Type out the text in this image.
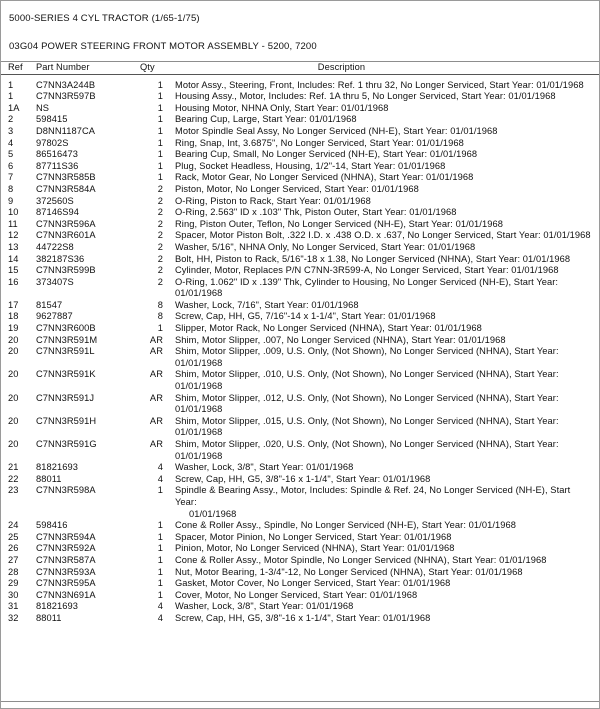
5000-SERIES 4 CYL TRACTOR (1/65-1/75)
03G04 POWER STEERING FRONT MOTOR ASSEMBLY - 5200, 7200
Ref	Part Number	Qty	Description
1	C7NN3A244B	1	Motor Assy., Steering, Front, Includes: Ref. 1 thru 32, No Longer Serviced, Start Year: 01/01/1968

1	C7NN3R597B	1	Housing Assy., Motor, Includes: Ref. 1A thru 5, No Longer Serviced, Start Year: 01/01/1968

1A	NS	1	Housing Motor, NHNA Only, Start Year: 01/01/1968

2	598415	1	Bearing Cup, Large, Start Year: 01/01/1968

3	D8NN1187CA	1	Motor Spindle Seal Assy, No Longer Serviced (NH-E), Start Year: 01/01/1968

4	97802S	1	Ring, Snap, Int, 3.6875", No Longer Serviced, Start Year: 01/01/1968

5	86516473	1	Bearing Cup, Small, No Longer Serviced (NH-E), Start Year: 01/01/1968

6	87711S36	1	Plug, Socket Headless, Housing, 1/2"-14, Start Year: 01/01/1968

7	C7NN3R585B	1	Rack, Motor Gear, No Longer Serviced (NHNA), Start Year: 01/01/1968

8	C7NN3R584A	2	Piston, Motor, No Longer Serviced, Start Year: 01/01/1968

9	372560S	2	O-Ring, Piston to Rack, Start Year: 01/01/1968

10	87146S94	2	O-Ring, 2.563" ID x .103" Thk, Piston Outer, Start Year: 01/01/1968

11	C7NN3R596A	2	Ring, Piston Outer, Teflon, No Longer Serviced (NH-E), Start Year: 01/01/1968

12	C7NN3R601A	2	Spacer, Motor Piston Bolt, .322 I.D. x .438 O.D. x .637, No Longer Serviced, Start Year: 01/01/1968

13	44722S8	2	Washer, 5/16", NHNA Only, No Longer Serviced, Start Year: 01/01/1968

14	382187S36	2	Bolt, HH, Piston to Rack, 5/16"-18 x 1.38, No Longer Serviced (NHNA), Start Year: 01/01/1968

15	C7NN3R599B	2	Cylinder, Motor, Replaces P/N C7NN-3R599-A, No Longer Serviced, Start Year: 01/01/1968

16	373407S	2	O-Ring, 1.062" ID x .139" Thk, Cylinder to Housing, No Longer Serviced (NH-E), Start Year: 01/01/1968

17	81547	8	Washer, Lock, 7/16", Start Year: 01/01/1968

18	9627887	8	Screw, Cap, HH, G5, 7/16"-14 x 1-1/4", Start Year: 01/01/1968

19	C7NN3R600B	1	Slipper, Motor Rack, No Longer Serviced (NHNA), Start Year: 01/01/1968

20	C7NN3R591M	AR	Shim, Motor Slipper, .007, No Longer Serviced (NHNA), Start Year: 01/01/1968

20	C7NN3R591L	AR	Shim, Motor Slipper, .009, U.S. Only, (Not Shown), No Longer Serviced (NHNA), Start Year: 01/01/1968

20	C7NN3R591K	AR	Shim, Motor Slipper, .010, U.S. Only, (Not Shown), No Longer Serviced (NHNA), Start Year: 01/01/1968

20	C7NN3R591J	AR	Shim, Motor Slipper, .012, U.S. Only, (Not Shown), No Longer Serviced (NHNA), Start Year: 01/01/1968

20	C7NN3R591H	AR	Shim, Motor Slipper, .015, U.S. Only, (Not Shown), No Longer Serviced (NHNA), Start Year: 01/01/1968

20	C7NN3R591G	AR	Shim, Motor Slipper, .020, U.S. Only, (Not Shown), No Longer Serviced (NHNA), Start Year: 01/01/1968

21	81821693	4	Washer, Lock, 3/8", Start Year: 01/01/1968

22	88011	4	Screw, Cap, HH, G5, 3/8"-16 x 1-1/4", Start Year: 01/01/1968

23	C7NN3R598A	1	Spindle & Bearing Assy., Motor, Includes: Spindle & Ref. 24, No Longer Serviced (NH-E), Start Year:
01/01/1968

24	598416	1	Cone & Roller Assy., Spindle, No Longer Serviced (NH-E), Start Year: 01/01/1968

25	C7NN3R594A	1	Spacer, Motor Pinion, No Longer Serviced, Start Year: 01/01/1968

26	C7NN3R592A	1	Pinion, Motor, No Longer Serviced (NHNA), Start Year: 01/01/1968

27	C7NN3R587A	1	Cone & Roller Assy., Motor Spindle, No Longer Serviced (NHNA), Start Year: 01/01/1968

28	C7NN3R593A	1	Nut, Motor Bearing, 1-3/4"-12, No Longer Serviced (NHNA), Start Year: 01/01/1968

29	C7NN3R595A	1	Gasket, Motor Cover, No Longer Serviced, Start Year: 01/01/1968

30	C7NN3N691A	1	Cover, Motor, No Longer Serviced, Start Year: 01/01/1968

31	81821693	4	Washer, Lock, 3/8", Start Year: 01/01/1968

32	88011	4	Screw, Cap, HH, G5, 3/8"-16 x 1-1/4", Start Year: 01/01/1968
